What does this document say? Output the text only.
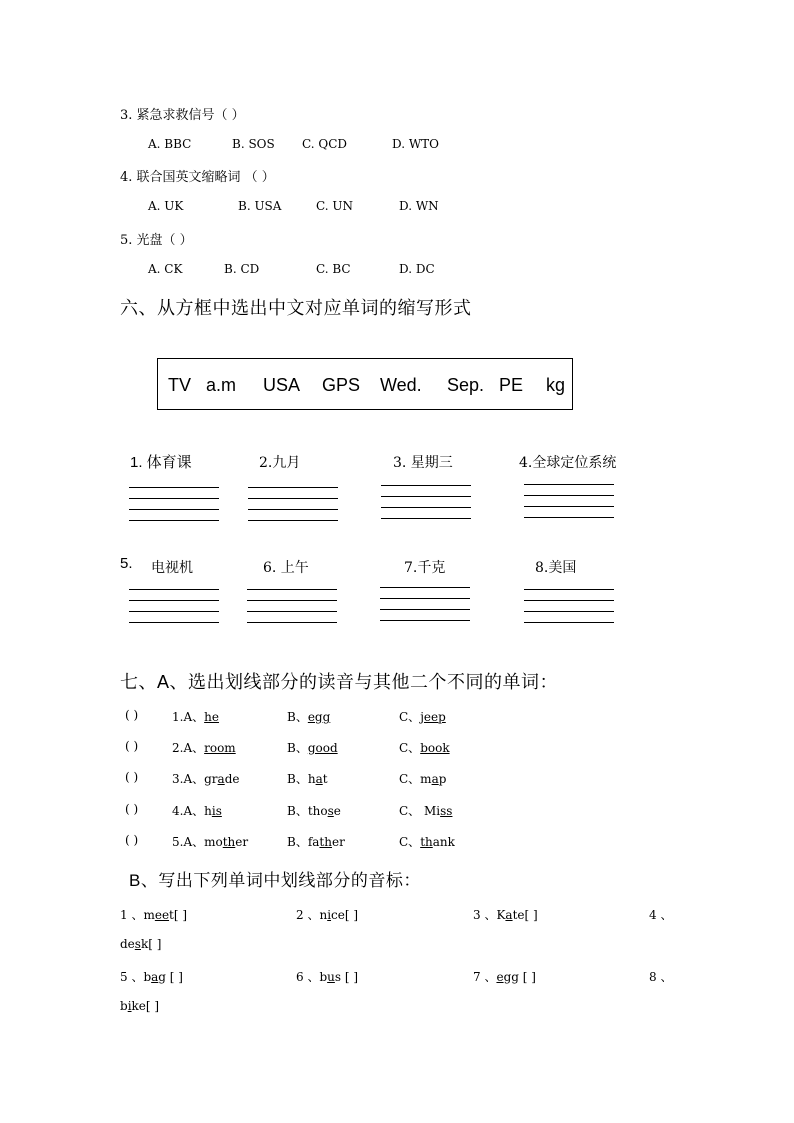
3. 紧急求救信号（ ）
A. BBC	B. SOS C. QCD	D. WTO
4. 联合国英文缩略词 （ ）
A. UK	B. USA	C. UN	D. WN
5. 光盘（ ）
A. CK	B. CD	C. BC	D. DC
六、从方框中选出中文对应单词的缩写形式
TV a.m USA GPS Wed. Sep. PE kg
1. 体育课	2.九月	3. 星期三	4.全球定位系统
5. 电视机	6. 上午	7.千克	8.美国
七、A、选出划线部分的读音与其他二个不同的单词：
( )	1.A、he	B、egg	C、jeep
( )	2.A、room	B、good	C、book
( )	3.A、grade	B、hat	C、map
( )	4.A、his	B、those	C、 Miss
( )	5.A、mother	B、father	C、thank
B、写出下列单词中划线部分的音标：
1 、meet[ ]	2 、nice[ ]	3 、Kate[ ]	4 、
desk[ ]
5 、bag [ ]	6 、bus [ ]	7 、egg [ ]	8 、
bike[ ]
